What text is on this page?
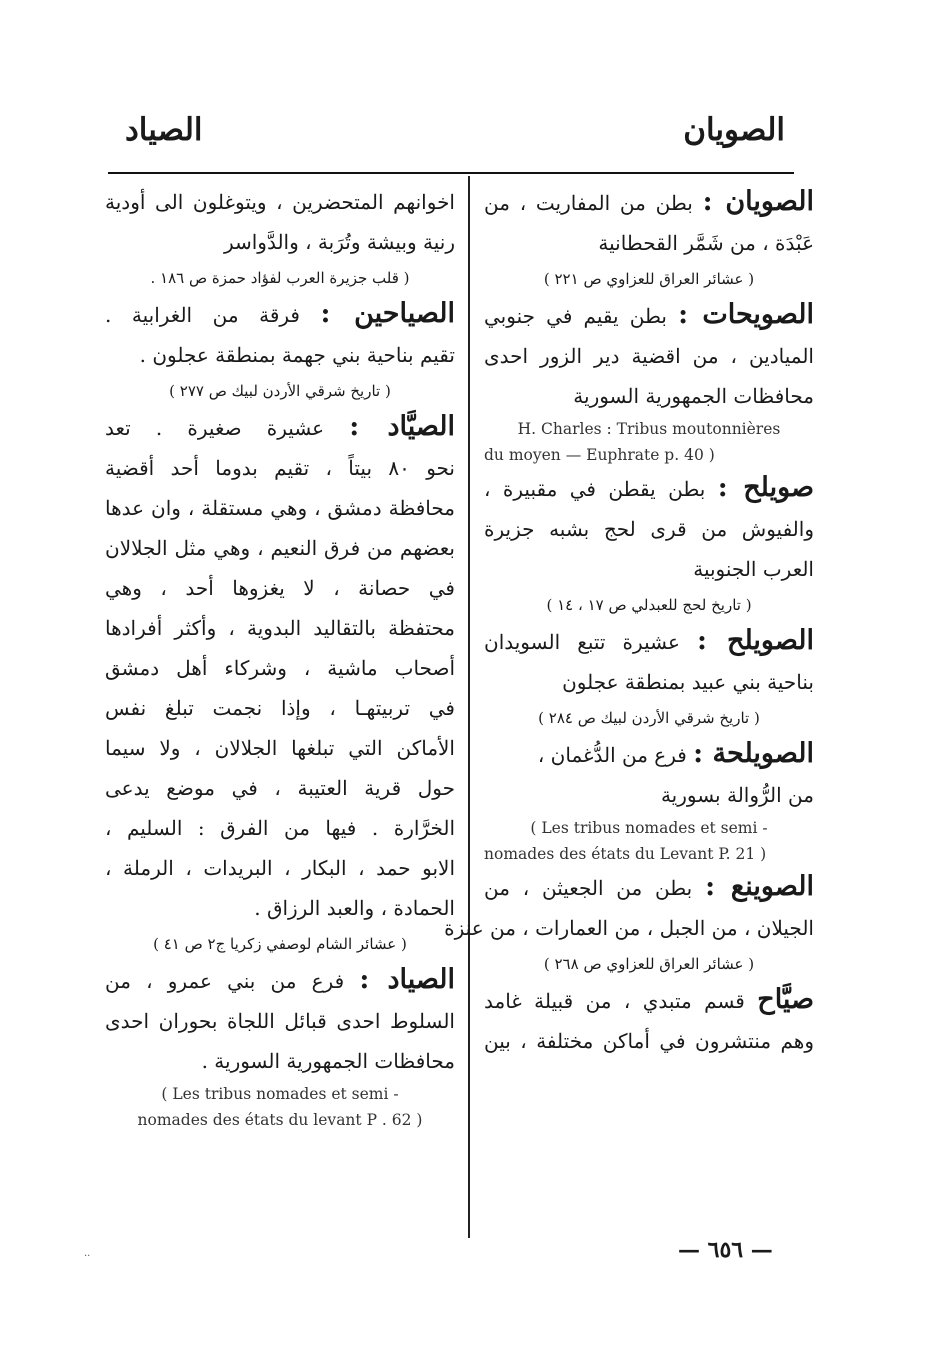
الصويان
الصياد
الصويان : بطن من المفاريت ، من
عَبْدَة ، من شَمَّر القحطانية
( عشائر العراق للعزاوي ص ٢٢١ )
الصويحات : بطن يقيم في جنوبي
الميادين ، من اقضية دير الزور احدى
محافظات الجمهورية السورية
H. Charles : Tribus moutonnières
du moyen — Euphrate p. 40 )
صويلح : بطن يقطن في مقبيرة ،
والفيوش من قرى لحج بشبه جزيرة
العرب الجنوبية
( تاريخ لحج للعبدلي ص ١٧ ، ١٤ )
الصويلح : عشيرة تتبع السويدان
بناحية بني عبيد بمنطقة عجلون
( تاريخ شرقي الأردن لبيك ص ٢٨٤ )
الصويلحة : فرع من الدُّغمان ،
من الرُّوالة بسورية
( Les tribus nomades et semi -
nomades des états du Levant P. 21 )
الصوينع : بطن من الجعيثن ، من
الجيلان ، من الجبل ، من العمارات ، من عنزة
( عشائر العراق للعزاوي ص ٢٦٨ )
صيَّاح قسم متبدي ، من قبيلة غامد
وهم منتشرون في أماكن مختلفة ، بين
اخوانهم المتحضرين ، ويتوغلون الى أودية
رنية وبيشة وتُرَبة ، والدَّواسر
( قلب جزيرة العرب لفؤاد حمزة ص ١٨٦ .
الصياحين : فرقة من الغرابية .
تقيم بناحية بني جهمة بمنطقة عجلون .
( تاريخ شرقي الأردن لبيك ص ٢٧٧ )
الصيَّاد : عشيرة صغيرة . تعد
نحو ٨٠ بيتاً ، تقيم بدوما أحد أقضية
محافظة دمشق ، وهي مستقلة ، وان عدها
بعضهم من فرق النعيم ، وهي مثل الجلالان
في حصانة ، لا يغزوها أحد ، وهي
محتفظة بالتقاليد البدوية ، وأكثر أفرادها
أصحاب ماشية ، وشركاء أهل دمشق
في تربيتهـا ، وإذا نجمت تبلغ نفس
الأماكن التي تبلغها الجلالان ، ولا سيما
حول قرية العتيبة ، في موضع يدعى
الخرَّارة . فيها من الفرق : السليم ،
الابو حمد ، البكار ، البريدات ، الرملة ،
الحمادة ، والعبد الرزاق .
( عشائر الشام لوصفي زكريا ج٢ ص ٤١ )
الصياد : فرع من بني عمرو ، من
السلوط احدى قبائل اللجاة بحوران احدى
محافظات الجمهورية السورية .
( Les tribus nomades et semi -
nomades des états du levant P . 62 )
— ٦٥٦ —
..
